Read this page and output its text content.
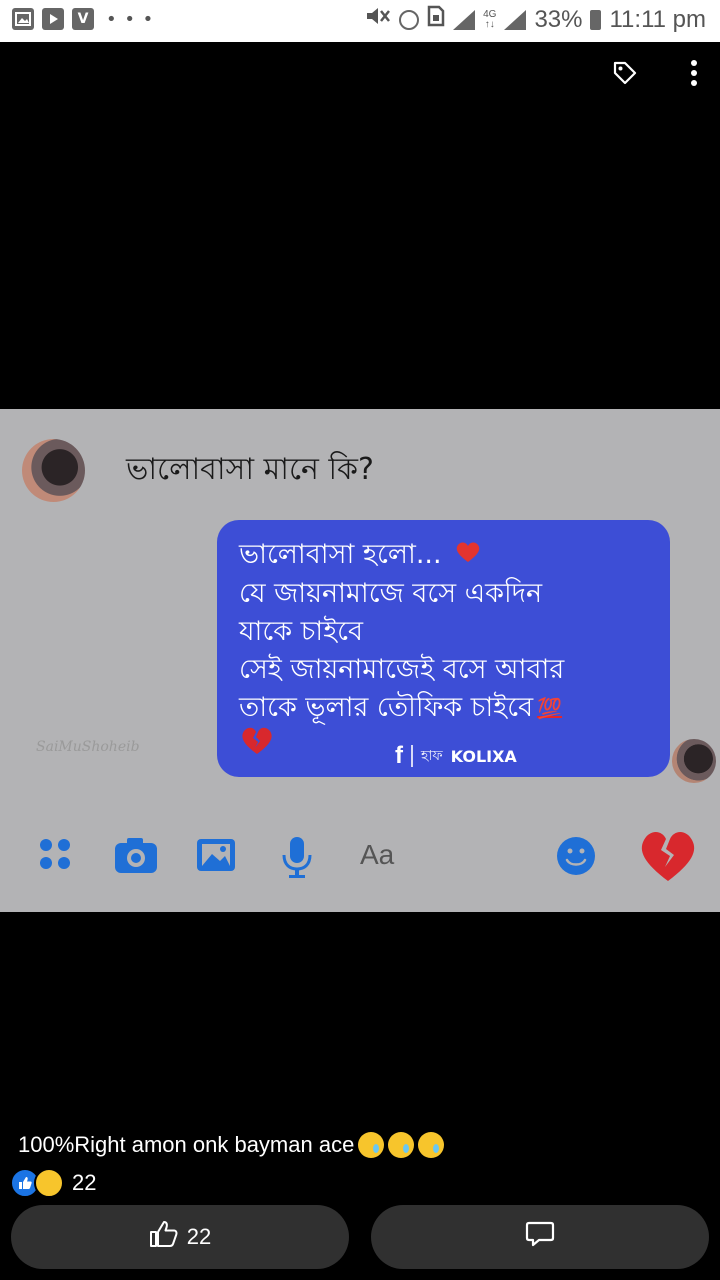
V • • •	4G
↑↓ 33% 11:11 pm
ভালোবাসা মানে কি?
ভালোবাসা হলো...
যে জায়নামাজে বসে একদিন
যাকে চাইবে
সেই জায়নামাজেই বসে আবার
তাকে ভূলার তৌফিক চাইবে 💯
f হাফ KOLIXA
SaiMuShoheib
Aa
100%Right amon onk bayman ace
22
22
